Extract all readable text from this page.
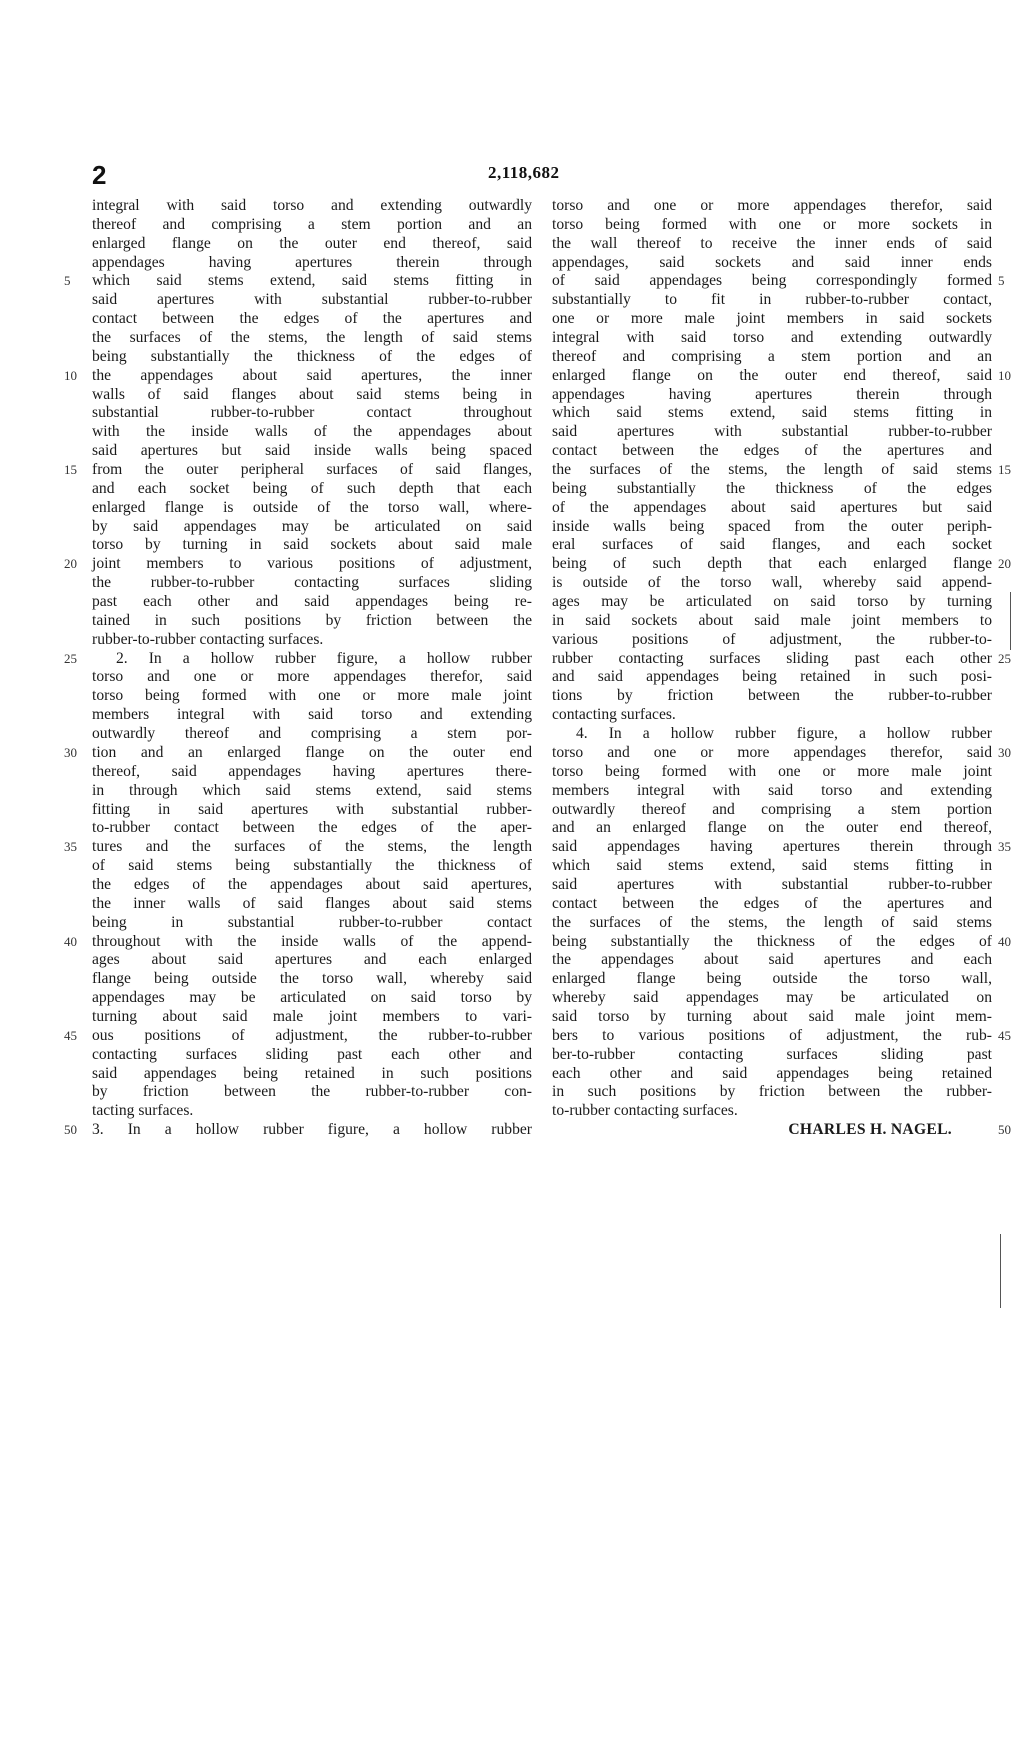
2	2,118,682
integral with said torso and extending outwardly
thereof and comprising a stem portion and an
enlarged flange on the outer end thereof, said
appendages having apertures therein through
which said stems extend, said stems fitting in
said apertures with substantial rubber-to-rubber
contact between the edges of the apertures and
the surfaces of the stems, the length of said stems
being substantially the thickness of the edges of
the appendages about said apertures, the inner
walls of said flanges about said stems being in
substantial rubber-to-rubber contact throughout
with the inside walls of the appendages about
said apertures but said inside walls being spaced
from the outer peripheral surfaces of said flanges,
and each socket being of such depth that each
enlarged flange is outside of the torso wall, where-
by said appendages may be articulated on said
torso by turning in said sockets about said male
joint members to various positions of adjustment,
the rubber-to-rubber contacting surfaces sliding
past each other and said appendages being re-
tained in such positions by friction between the
rubber-to-rubber contacting surfaces.
2. In a hollow rubber figure, a hollow rubber
torso and one or more appendages therefor, said
torso being formed with one or more male joint
members integral with said torso and extending
outwardly thereof and comprising a stem por-
tion and an enlarged flange on the outer end
thereof, said appendages having apertures there-
in through which said stems extend, said stems
fitting in said apertures with substantial rubber-
to-rubber contact between the edges of the aper-
tures and the surfaces of the stems, the length
of said stems being substantially the thickness of
the edges of the appendages about said apertures,
the inner walls of said flanges about said stems
being in substantial rubber-to-rubber contact
throughout with the inside walls of the append-
ages about said apertures and each enlarged
flange being outside the torso wall, whereby said
appendages may be articulated on said torso by
turning about said male joint members to vari-
ous positions of adjustment, the rubber-to-rubber
contacting surfaces sliding past each other and
said appendages being retained in such positions
by friction between the rubber-to-rubber con-
tacting surfaces.
3. In a hollow rubber figure, a hollow rubber
torso and one or more appendages therefor, said
torso being formed with one or more sockets in
the wall thereof to receive the inner ends of said
appendages, said sockets and said inner ends
of said appendages being correspondingly formed
substantially to fit in rubber-to-rubber contact,
one or more male joint members in said sockets
integral with said torso and extending outwardly
thereof and comprising a stem portion and an
enlarged flange on the outer end thereof, said
appendages having apertures therein through
which said stems extend, said stems fitting in
said apertures with substantial rubber-to-rubber
contact between the edges of the apertures and
the surfaces of the stems, the length of said stems
being substantially the thickness of the edges
of the appendages about said apertures but said
inside walls being spaced from the outer periph-
eral surfaces of said flanges, and each socket
being of such depth that each enlarged flange
is outside of the torso wall, whereby said append-
ages may be articulated on said torso by turning
in said sockets about said male joint members to
various positions of adjustment, the rubber-to-
rubber contacting surfaces sliding past each other
and said appendages being retained in such posi-
tions by friction between the rubber-to-rubber
contacting surfaces.
4. In a hollow rubber figure, a hollow rubber
torso and one or more appendages therefor, said
torso being formed with one or more male joint
members integral with said torso and extending
outwardly thereof and comprising a stem portion
and an enlarged flange on the outer end thereof,
said appendages having apertures therein through
which said stems extend, said stems fitting in
said apertures with substantial rubber-to-rubber
contact between the edges of the apertures and
the surfaces of the stems, the length of said stems
being substantially the thickness of the edges of
the appendages about said apertures and each
enlarged flange being outside the torso wall,
whereby said appendages may be articulated on
said torso by turning about said male joint mem-
bers to various positions of adjustment, the rub-
ber-to-rubber contacting surfaces sliding past
each other and said appendages being retained
in such positions by friction between the rubber-
to-rubber contacting surfaces.
CHARLES H. NAGEL.
5
10
15
20
25
30
35
40
45
50
5
10
15
20
25
30
35
40
45
50
